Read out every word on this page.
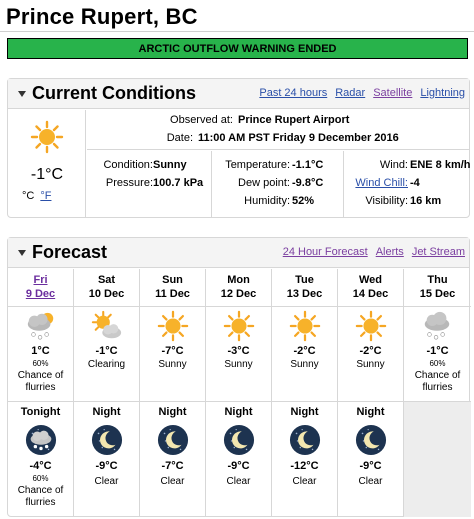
Prince Rupert, BC
ARCTIC OUTFLOW WARNING ENDED
Current Conditions	Past 24 hours Radar Satellite Lightning
-1°C
°C °F
Observed at: Prince Rupert Airport
Date: 11:00 AM PST Friday 9 December 2016
Condition: Sunny
Pressure: 100.7 kPa
Temperature: -1.1°C
Dew point: -9.8°C
Humidity: 52%
Wind: ENE 8 km/h
Wind Chill: -4
Visibility: 16 km
Forecast	24 Hour Forecast Alerts Jet Stream
Fri
9 Dec
1°C
60%
Chance of flurries
Tonight
-4°C
60%
Chance of flurries
Sat
10 Dec
-1°C
Clearing
Night
-9°C
Clear
Sun
11 Dec
-7°C
Sunny
Night
-7°C
Clear
Mon
12 Dec
-3°C
Sunny
Night
-9°C
Clear
Tue
13 Dec
-2°C
Sunny
Night
-12°C
Clear
Wed
14 Dec
-2°C
Sunny
Night
-9°C
Clear
Thu
15 Dec
-1°C
60%
Chance of flurries
